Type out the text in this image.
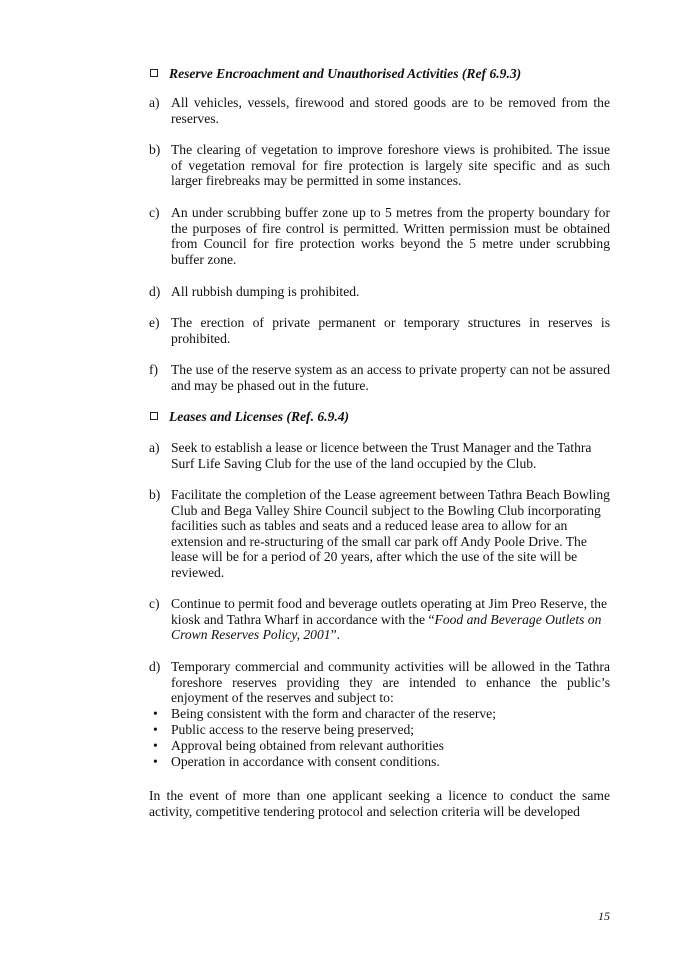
Reserve Encroachment and Unauthorised Activities (Ref 6.9.3)
a) All vehicles, vessels, firewood and stored goods are to be removed from the reserves.
b) The clearing of vegetation to improve foreshore views is prohibited. The issue of vegetation removal for fire protection is largely site specific and as such larger firebreaks may be permitted in some instances.
c) An under scrubbing buffer zone up to 5 metres from the property boundary for the purposes of fire control is permitted. Written permission must be obtained from Council for fire protection works beyond the 5 metre under scrubbing buffer zone.
d) All rubbish dumping is prohibited.
e) The erection of private permanent or temporary structures in reserves is prohibited.
f) The use of the reserve system as an access to private property can not be assured and may be phased out in the future.
Leases and Licenses (Ref. 6.9.4)
a) Seek to establish a lease or licence between the Trust Manager and the Tathra Surf Life Saving Club for the use of the land occupied by the Club.
b) Facilitate the completion of the Lease agreement between Tathra Beach Bowling Club and Bega Valley Shire Council subject to the Bowling Club incorporating facilities such as tables and seats and a reduced lease area to allow for an extension and re-structuring of the small car park off Andy Poole Drive. The lease will be for a period of 20 years, after which the use of the site will be reviewed.
c) Continue to permit food and beverage outlets operating at Jim Preo Reserve, the kiosk and Tathra Wharf in accordance with the “Food and Beverage Outlets on Crown Reserves Policy, 2001”.
d) Temporary commercial and community activities will be allowed in the Tathra foreshore reserves providing they are intended to enhance the public’s enjoyment of the reserves and subject to:
• Being consistent with the form and character of the reserve;
• Public access to the reserve being preserved;
• Approval being obtained from relevant authorities
• Operation in accordance with consent conditions.
In the event of more than one applicant seeking a licence to conduct the same activity, competitive tendering protocol and selection criteria will be developed
15
